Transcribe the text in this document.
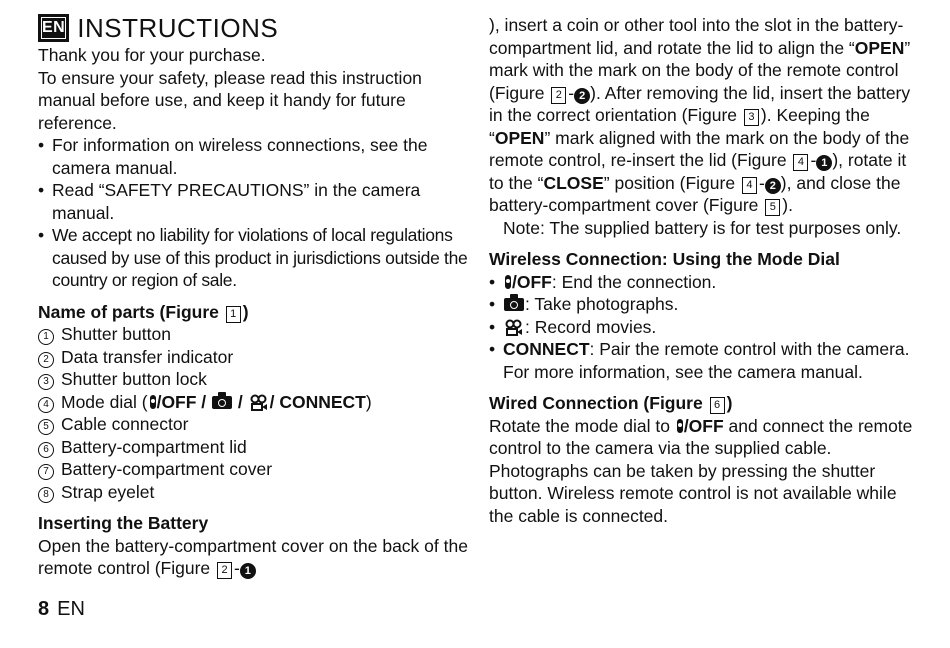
EN INSTRUCTIONS

Thank you for your purchase.

To ensure your safety, please read this instruction manual before use, and keep it handy for future reference.

• For information on wireless connections, see the camera manual.
• Read “SAFETY PRECAUTIONS” in the camera manual.
• We accept no liability for violations of local regulations caused by use of this product in jurisdictions outside the country or region of sale.

Name of parts (Figure 1 )

1 Shutter button
2 Data transfer indicator
3 Shutter button lock
4 Mode dial ( /OFF /  / / CONNECT)
5 Cable connector
6 Battery-compartment lid
7 Battery-compartment cover
8 Strap eyelet

Inserting the Battery

Open the battery-compartment cover on the back of the remote control (Figure 2 - 1

), insert a coin or other tool into the slot in the battery-compartment lid, and rotate the lid to align the “OPEN” mark with the mark on the body of the remote control (Figure 2 - 2 ). After removing the lid, insert the battery in the correct orientation (Figure 3 ). Keeping the “OPEN” mark aligned with the mark on the body of the remote control, re-insert the lid (Figure 4 - 1 ), rotate it to the “CLOSE” position (Figure 4 - 2 ), and close the battery-compartment cover (Figure 5 ).

Note: The supplied battery is for test purposes only.

Wireless Connection: Using the Mode Dial

• /OFF: End the connection.
• : Take photographs.
• : Record movies.
• CONNECT: Pair the remote control with the camera. For more information, see the camera manual.

Wired Connection (Figure 6 )

Rotate the mode dial to /OFF and connect the remote control to the camera via the supplied cable. Photographs can be taken by pressing the shutter button. Wireless remote control is not available while the cable is connected.

8 EN
